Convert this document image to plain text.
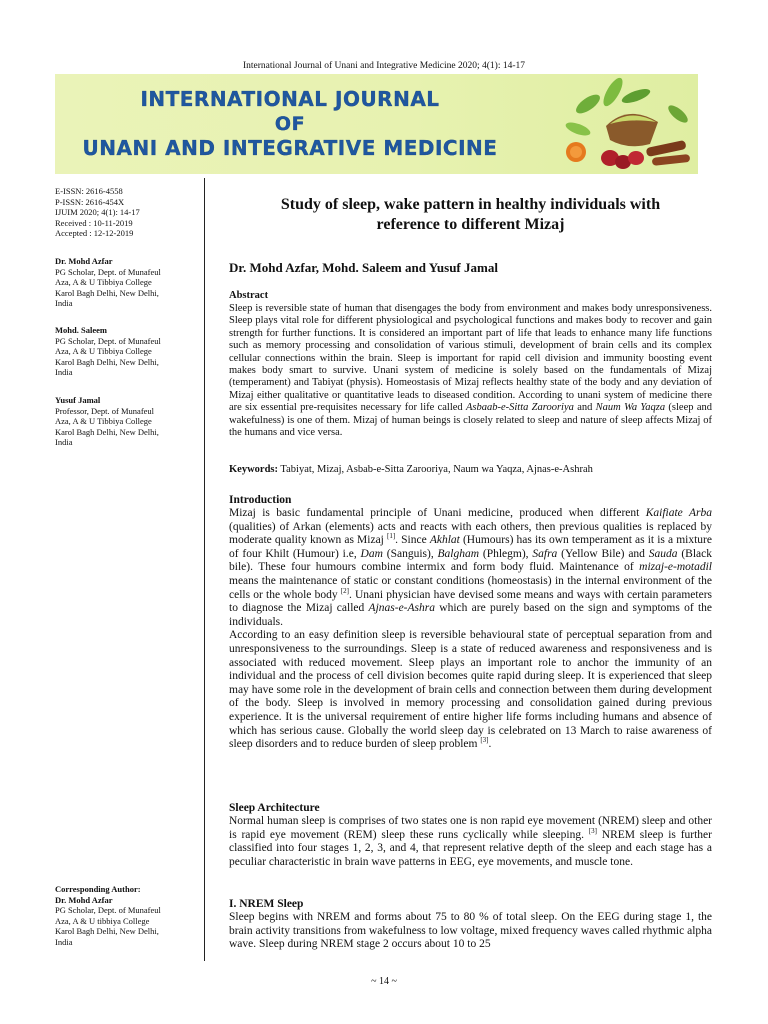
International Journal of Unani and Integrative Medicine 2020; 4(1): 14-17
INTERNATIONAL JOURNAL
OF
UNANI AND INTEGRATIVE MEDICINE
E-ISSN: 2616-4558
P-ISSN: 2616-454X
IJUIM 2020; 4(1): 14-17
Received : 10-11-2019
Accepted : 12-12-2019
Dr. Mohd Azfar
PG Scholar, Dept. of Munafeul
Aza, A & U Tibbiya College
Karol Bagh Delhi, New Delhi,
India
Mohd. Saleem
PG Scholar, Dept. of Munafeul
Aza, A & U Tibbiya College
Karol Bagh Delhi, New Delhi,
India
Yusuf Jamal
Professor, Dept. of Munafeul
Aza, A & U Tibbiya College
Karol Bagh Delhi, New Delhi,
India
Corresponding Author:
Dr. Mohd Azfar
PG Scholar, Dept. of Munafeul
Aza, A & U tibbiya College
Karol Bagh Delhi, New Delhi,
India
Study of sleep, wake pattern in healthy individuals with
reference to different Mizaj
Dr. Mohd Azfar, Mohd. Saleem and Yusuf Jamal
Abstract
Sleep is reversible state of human that disengages the body from environment and makes body unresponsiveness. Sleep plays vital role for different physiological and psychological functions and makes body to recover and gain strength for further functions. It is considered an important part of life that leads to enhance many life functions such as memory processing and consolidation of various stimuli, development of brain cells and its complex cellular connections within the brain. Sleep is important for rapid cell division and immunity boosting event makes body smart to survive. Unani system of medicine is solely based on the fundamentals of Mizaj (temperament) and Tabiyat (physis). Homeostasis of Mizaj reflects healthy state of the body and any deviation of Mizaj either qualitative or quantitative leads to diseased condition. According to unani system of medicine there are six essential pre-requisites necessary for life called Asbaab-e-Sitta Zarooriya and Naum Wa Yaqza (sleep and wakefulness) is one of them. Mizaj of human beings is closely related to sleep and nature of sleep affects Mizaj of the humans and vice versa.
Keywords: Tabiyat, Mizaj, Asbab-e-Sitta Zarooriya, Naum wa Yaqza, Ajnas-e-Ashrah
Introduction
Mizaj is basic fundamental principle of Unani medicine, produced when different Kaifiate Arba (qualities) of Arkan (elements) acts and reacts with each others, then previous qualities is replaced by moderate quality known as Mizaj [1]. Since Akhlat (Humours) has its own temperament as it is a mixture of four Khilt (Humour) i.e, Dam (Sanguis), Balgham (Phlegm), Safra (Yellow Bile) and Sauda (Black bile). These four humours combine intermix and form body fluid. Maintenance of mizaj-e-motadil means the maintenance of static or constant conditions (homeostasis) in the internal environment of the cells or the whole body [2]. Unani physician have devised some means and ways with certain parameters to diagnose the Mizaj called Ajnas-e-Ashra which are purely based on the sign and symptoms of the individuals.
According to an easy definition sleep is reversible behavioural state of perceptual separation from and unresponsiveness to the surroundings. Sleep is a state of reduced awareness and responsiveness and is associated with reduced movement. Sleep plays an important role to anchor the immunity of an individual and the process of cell division becomes quite rapid during sleep. It is experienced that sleep may have some role in the development of brain cells and connection between them during development of the body. Sleep is involved in memory processing and consolidation gained during previous experience. It is the universal requirement of entire higher life forms including humans and absence of which has serious cause. Globally the world sleep day is celebrated on 13 March to raise awareness of sleep disorders and to reduce burden of sleep problem [3].
Sleep Architecture
Normal human sleep is comprises of two states one is non rapid eye movement (NREM) sleep and other is rapid eye movement (REM) sleep these runs cyclically while sleeping. [3] NREM sleep is further classified into four stages 1, 2, 3, and 4, that represent relative depth of the sleep and each stage has a peculiar characteristic in brain wave patterns in EEG, eye movements, and muscle tone.
I. NREM Sleep
Sleep begins with NREM and forms about 75 to 80 % of total sleep. On the EEG during stage 1, the brain activity transitions from wakefulness to low voltage, mixed frequency waves called rhythmic alpha wave. Sleep during NREM stage 2 occurs about 10 to 25
~ 14 ~
